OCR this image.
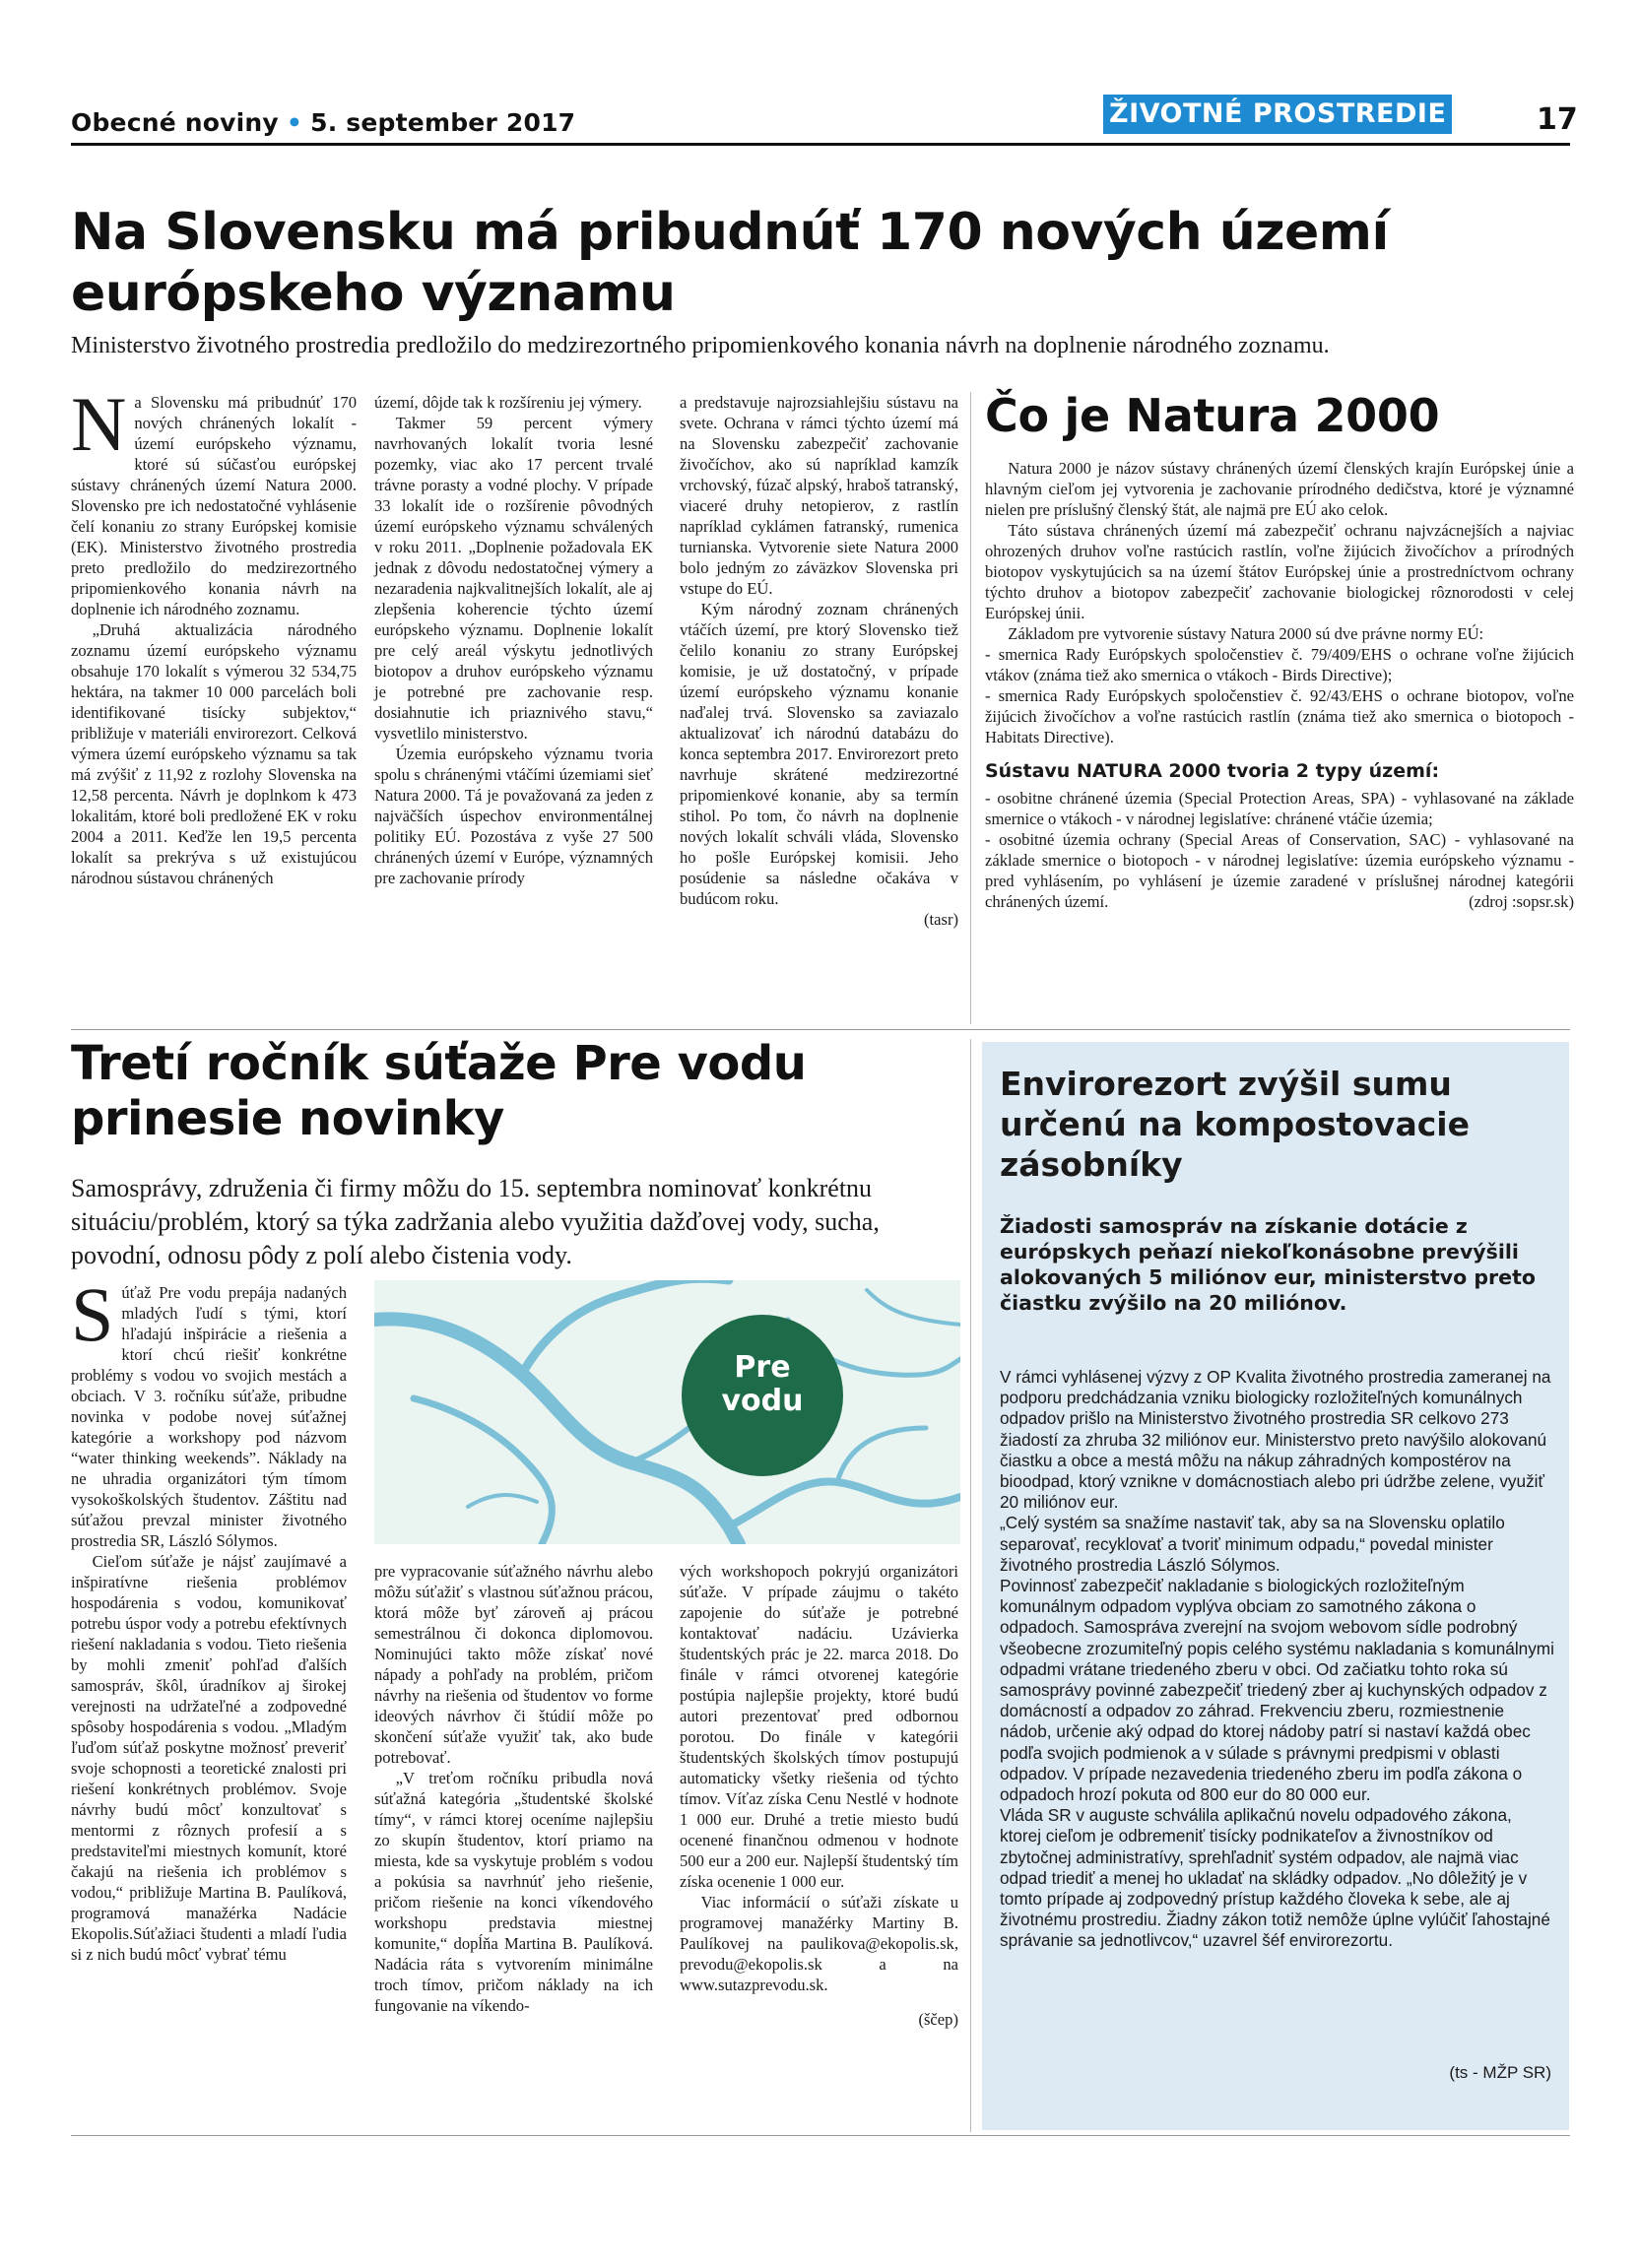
Obecné noviny • 5. september 2017	ŽIVOTNÉ PROSTREDIE	17
Na Slovensku má pribudnúť 170 nových území európskeho významu
Ministerstvo životného prostredia predložilo do medzirezortného pripomienkového konania návrh na doplnenie národného zoznamu.

Na Slovensku má pribudnúť 170 nových chránených lokalít - území európskeho významu, ktoré sú súčasťou európskej sústavy chránených území Natura 2000. Slovensko pre ich nedostatočné vyhlásenie čelí konaniu zo strany Európskej komisie (EK). Ministerstvo životného prostredia preto predložilo do medzirezortného pripomienkového konania návrh na doplnenie ich národného zoznamu.

„Druhá aktualizácia národného zoznamu území európskeho významu obsahuje 170 lokalít s výmerou 32 534,75 hektára, na takmer 10 000 parcelách boli identifikované tisícky subjektov,“ približuje v materiáli envirorezort. Celková výmera území európskeho významu sa tak má zvýšiť z 11,92 z rozlohy Slovenska na 12,58 percenta. Návrh je doplnkom k 473 lokalitám, ktoré boli predložené EK v roku 2004 a 2011. Keďže len 19,5 percenta lokalít sa prekrýva s už existujúcou národnou sústavou chránených

území, dôjde tak k rozšíreniu jej výmery.

Takmer 59 percent výmery navrhovaných lokalít tvoria lesné pozemky, viac ako 17 percent trvalé trávne porasty a vodné plochy. V prípade 33 lokalít ide o rozšírenie pôvodných území európskeho významu schválených v roku 2011. „Doplnenie požadovala EK jednak z dôvodu nedostatočnej výmery a nezaradenia najkvalitnejších lokalít, ale aj zlepšenia koherencie týchto území európskeho významu. Doplnenie lokalít pre celý areál výskytu jednotlivých biotopov a druhov európskeho významu je potrebné pre zachovanie resp. dosiahnutie ich priaznivého stavu,“ vysvetlilo ministerstvo.

Územia európskeho významu tvoria spolu s chránenými vtáčími územiami sieť Natura 2000. Tá je považovaná za jeden z najväčších úspechov environmentálnej politiky EÚ. Pozostáva z vyše 27 500 chránených území v Európe, významných pre zachovanie prírody

a predstavuje najrozsiahlejšiu sústavu na svete. Ochrana v rámci týchto území má na Slovensku zabezpečiť zachovanie živočíchov, ako sú napríklad kamzík vrchovský, fúzač alpský, hraboš tatranský, viaceré druhy netopierov, z rastlín napríklad cyklámen fatranský, rumenica turnianska. Vytvorenie siete Natura 2000 bolo jedným zo záväzkov Slovenska pri vstupe do EÚ.

Kým národný zoznam chránených vtáčích území, pre ktorý Slovensko tiež čelilo konaniu zo strany Európskej komisie, je už dostatočný, v prípade území európskeho významu konanie naďalej trvá. Slovensko sa zaviazalo aktualizovať ich národnú databázu do konca septembra 2017. Envirorezort preto navrhuje skrátené medzirezortné pripomienkové konanie, aby sa termín stihol. Po tom, čo návrh na doplnenie nových lokalít schváli vláda, Slovensko ho pošle Európskej komisii. Jeho posúdenie sa následne očakáva v budúcom roku.

(tasr)
Čo je Natura 2000

Natura 2000 je názov sústavy chránených území členských krajín Európskej únie a hlavným cieľom jej vytvorenia je zachovanie prírodného dedičstva, ktoré je významné nielen pre príslušný členský štát, ale najmä pre EÚ ako celok.

Táto sústava chránených území má zabezpečiť ochranu najvzácnejších a najviac ohrozených druhov voľne rastúcich rastlín, voľne žijúcich živočíchov a prírodných biotopov vyskytujúcich sa na území štátov Európskej únie a prostredníctvom ochrany týchto druhov a biotopov zabezpečiť zachovanie biologickej rôznorodosti v celej Európskej únii.

Základom pre vytvorenie sústavy Natura 2000 sú dve právne normy EÚ:

- smernica Rady Európskych spoločenstiev č. 79/409/EHS o ochrane voľne žijúcich vtákov (známa tiež ako smernica o vtákoch - Birds Directive);

- smernica Rady Európskych spoločenstiev č. 92/43/EHS o ochrane biotopov, voľne žijúcich živočíchov a voľne rastúcich rastlín (známa tiež ako smernica o biotopoch - Habitats Directive).

Sústavu NATURA 2000 tvoria 2 typy území:

- osobitne chránené územia (Special Protection Areas, SPA) - vyhlasované na základe smernice o vtákoch - v národnej legislatíve: chránené vtáčie územia;

- osobitné územia ochrany (Special Areas of Conservation, SAC) - vyhlasované na základe smernice o biotopoch - v národnej legislatíve: územia európskeho významu - pred vyhlásením, po vyhlásení je územie zaradené v príslušnej národnej kategórii chránených území.	(zdroj :sopsr.sk)

Tretí ročník súťaže Pre vodu prinesie novinky
Samosprávy, združenia či firmy môžu do 15. septembra nominovať konkrétnu situáciu/problém, ktorý sa týka zadržania alebo využitia dažďovej vody, sucha, povodní, odnosu pôdy z polí alebo čistenia vody.

Súťaž Pre vodu prepája nadaných mladých ľudí s tými, ktorí hľadajú inšpirácie a riešenia a ktorí chcú riešiť konkrétne problémy s vodou vo svojich mestách a obciach. V 3. ročníku súťaže, pribudne novinka v podobe novej súťažnej kategórie a workshopy pod názvom “water thinking weekends”. Náklady na ne uhradia organizátori tým tímom vysokoškolských študentov. Záštitu nad súťažou prevzal minister životného prostredia SR, László Sólymos.

Cieľom súťaže je nájsť zaujímavé a inšpiratívne riešenia problémov hospodárenia s vodou, komunikovať potrebu úspor vody a potrebu efektívnych riešení nakladania s vodou. Tieto riešenia by mohli zmeniť pohľad ďalších samospráv, škôl, úradníkov aj širokej verejnosti na udržateľné a zodpovedné spôsoby hospodárenia s vodou. „Mladým ľuďom súťaž poskytne možnosť preveriť svoje schopnosti a teoretické znalosti pri riešení konkrétnych problémov. Svoje návrhy budú môcť konzultovať s mentormi z rôznych profesií a s predstaviteľmi miestnych komunít, ktoré čakajú na riešenia ich problémov s vodou,“ približuje Martina B. Paulíková, programová manažérka Nadácie Ekopolis.Súťažiaci študenti a mladí ľudia si z nich budú môcť vybrať tému

Pre
vodu

pre vypracovanie súťažného návrhu alebo môžu súťažiť s vlastnou súťažnou prácou, ktorá môže byť zároveň aj prácou semestrálnou či dokonca diplomovou. Nominujúci takto môže získať nové nápady a pohľady na problém, pričom návrhy na riešenia od študentov vo forme ideových návrhov či štúdií môže po skončení súťaže využiť tak, ako bude potrebovať.

„V treťom ročníku pribudla nová súťažná kategória „študentské školské tímy“, v rámci ktorej oceníme najlepšiu zo skupín študentov, ktorí priamo na miesta, kde sa vyskytuje problém s vodou a pokúsia sa navrhnúť jeho riešenie, pričom riešenie na konci víkendového workshopu predstavia miestnej komunite,“ dopĺňa Martina B. Paulíková. Nadácia ráta s vytvorením minimálne troch tímov, pričom náklady na ich fungovanie na víkendo-

vých workshopoch pokryjú organizátori súťaže. V prípade záujmu o takéto zapojenie do súťaže je potrebné kontaktovať nadáciu. Uzávierka študentských prác je 22. marca 2018. Do finále v rámci otvorenej kategórie postúpia najlepšie projekty, ktoré budú autori prezentovať pred odbornou porotou. Do finále v kategórii študentských školských tímov postupujú automaticky všetky riešenia od týchto tímov. Víťaz získa Cenu Nestlé v hodnote 1 000 eur. Druhé a tretie miesto budú ocenené finančnou odmenou v hodnote 500 eur a 200 eur. Najlepší študentský tím získa ocenenie 1 000 eur.

Viac informácií o súťaži získate u programovej manažérky Martiny B. Paulíkovej na paulikova@ekopolis.sk, prevodu@ekopolis.sk a na www.sutazprevodu.sk.

(ščep)
Envirorezort zvýšil sumu určenú na kompostovacie zásobníky
Žiadosti samospráv na získanie dotácie z európskych peňazí niekoľkonásobne prevýšili alokovaných 5 miliónov eur, ministerstvo preto čiastku zvýšilo na 20 miliónov.

V rámci vyhlásenej výzvy z OP Kvalita životného prostredia zameranej na podporu predchádzania vzniku biologicky rozložiteľných komunálnych odpadov prišlo na Ministerstvo životného prostredia SR celkovo 273 žiadostí za zhruba 32 miliónov eur. Ministerstvo preto navýšilo alokovanú čiastku a obce a mestá môžu na nákup záhradných kompostérov na bioodpad, ktorý vznikne v domácnostiach alebo pri údržbe zelene, využiť 20 miliónov eur.

„Celý systém sa snažíme nastaviť tak, aby sa na Slovensku oplatilo separovať, recyklovať a tvoriť minimum odpadu,“ povedal minister životného prostredia László Sólymos.

Povinnosť zabezpečiť nakladanie s biologických rozložiteľným komunálnym odpadom vyplýva obciam zo samotného zákona o odpadoch. Samospráva zverejní na svojom webovom sídle podrobný všeobecne zrozumiteľný popis celého systému nakladania s komunálnymi odpadmi vrátane triedeného zberu v obci. Od začiatku tohto roka sú samosprávy povinné zabezpečiť triedený zber aj kuchynských odpadov z domácností a odpadov zo záhrad. Frekvenciu zberu, rozmiestnenie nádob, určenie aký odpad do ktorej nádoby patrí si nastaví každá obec podľa svojich podmienok a v súlade s právnymi predpismi v oblasti odpadov. V prípade nezavedenia triedeného zberu im podľa zákona o odpadoch hrozí pokuta od 800 eur do 80 000 eur.

Vláda SR v auguste schválila aplikačnú novelu odpadového zákona, ktorej cieľom je odbremeniť tisícky podnikateľov a živnostníkov od zbytočnej administratívy, sprehľadniť systém odpadov, ale najmä viac odpad triediť a menej ho ukladať na skládky odpadov. „No dôležitý je v tomto prípade aj zodpovedný prístup každého človeka k sebe, ale aj životnému prostrediu. Žiadny zákon totiž nemôže úplne vylúčiť ľahostajné správanie sa jednotlivcov,“ uzavrel šéf envirorezortu.

(ts - MŽP SR)
